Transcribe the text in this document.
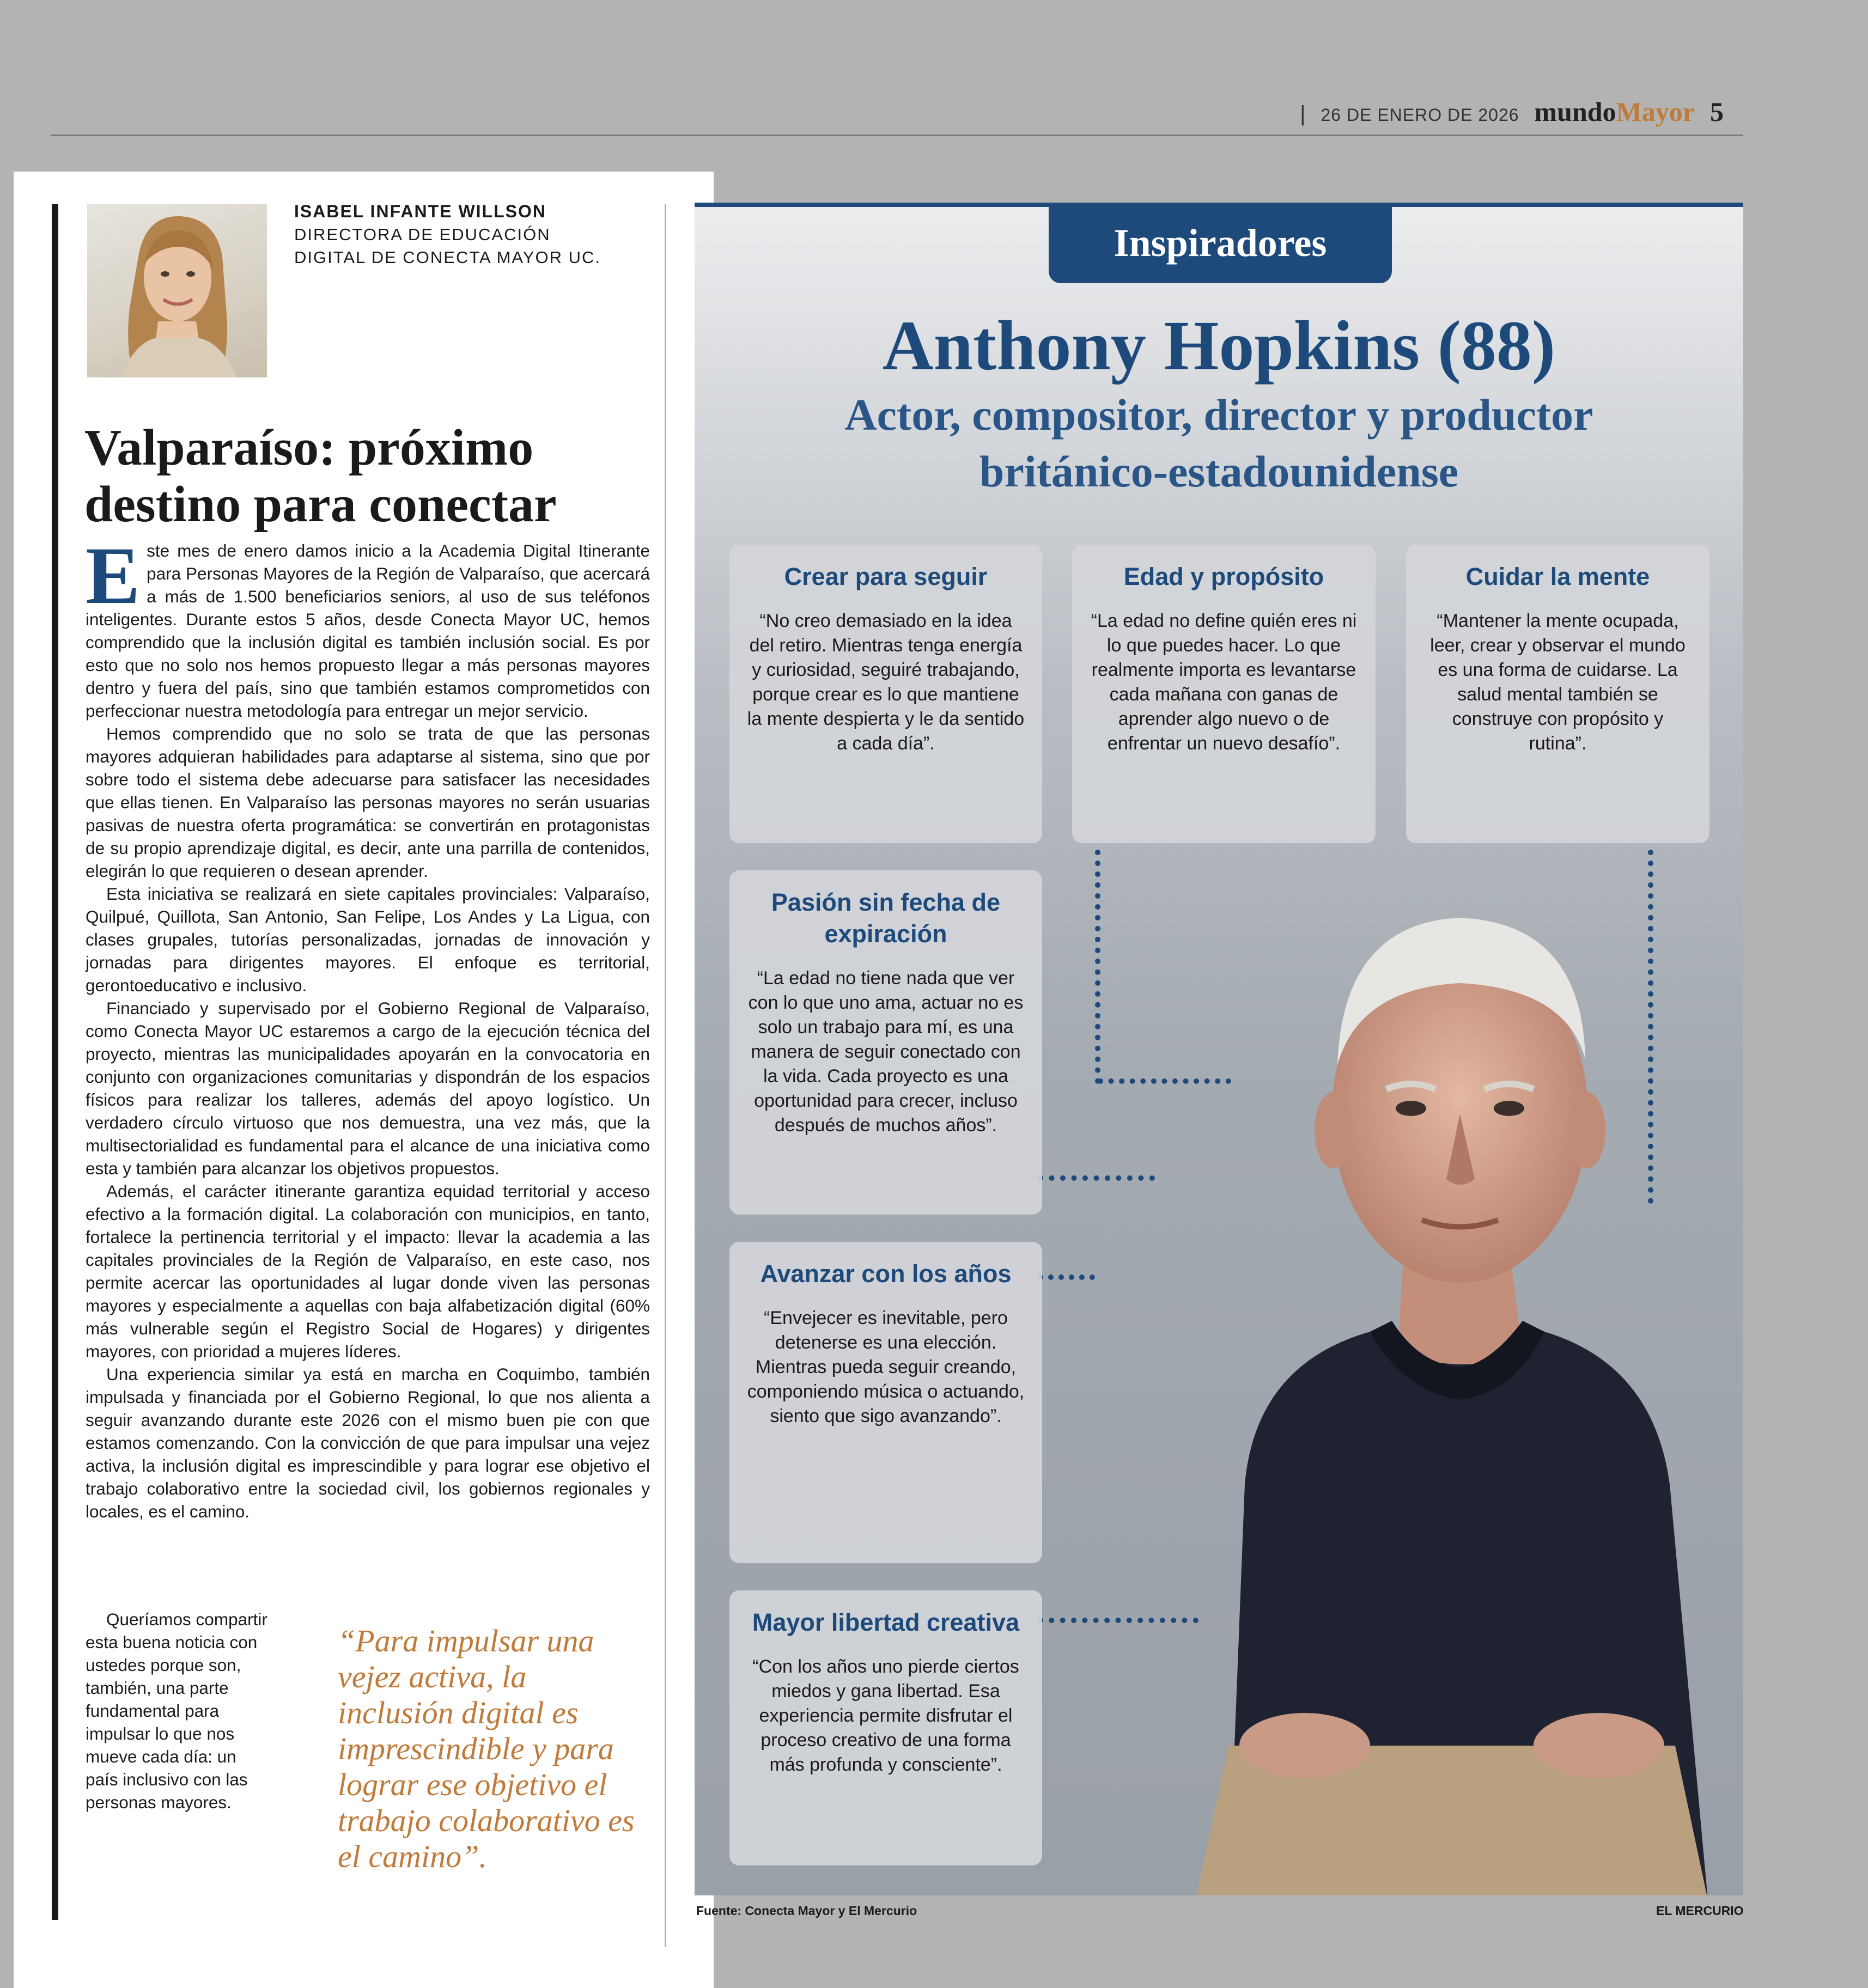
| 26 DE ENERO DE 2026 mundoMayor 5
ISABEL INFANTE WILLSON
DIRECTORA DE EDUCACIÓN DIGITAL DE CONECTA MAYOR UC.
Valparaíso: próximo destino para conectar

Este mes de enero damos inicio a la Academia Digital Itinerante para Personas Mayores de la Región de Valparaíso, que acercará a más de 1.500 beneficiarios seniors, al uso de sus teléfonos inteligentes. Durante estos 5 años, desde Conecta Mayor UC, hemos comprendido que la inclusión digital es también inclusión social. Es por esto que no solo nos hemos propuesto llegar a más personas mayores dentro y fuera del país, sino que también estamos comprometidos con perfeccionar nuestra metodología para entregar un mejor servicio.

Hemos comprendido que no solo se trata de que las personas mayores adquieran habilidades para adaptarse al sistema, sino que por sobre todo el sistema debe adecuarse para satisfacer las necesidades que ellas tienen. En Valparaíso las personas mayores no serán usuarias pasivas de nuestra oferta programática: se convertirán en protagonistas de su propio aprendizaje digital, es decir, ante una parrilla de contenidos, elegirán lo que requieren o desean aprender.

Esta iniciativa se realizará en siete capitales provinciales: Valparaíso, Quilpué, Quillota, San Antonio, San Felipe, Los Andes y La Ligua, con clases grupales, tutorías personalizadas, jornadas de innovación y jornadas para dirigentes mayores. El enfoque es territorial, gerontoeducativo e inclusivo.

Financiado y supervisado por el Gobierno Regional de Valparaíso, como Conecta Mayor UC estaremos a cargo de la ejecución técnica del proyecto, mientras las municipalidades apoyarán en la convocatoria en conjunto con organizaciones comunitarias y dispondrán de los espacios físicos para realizar los talleres, además del apoyo logístico. Un verdadero círculo virtuoso que nos demuestra, una vez más, que la multisectorialidad es fundamental para el alcance de una iniciativa como esta y también para alcanzar los objetivos propuestos.

Además, el carácter itinerante garantiza equidad territorial y acceso efectivo a la formación digital. La colaboración con municipios, en tanto, fortalece la pertinencia territorial y el impacto: llevar la academia a las capitales provinciales de la Región de Valparaíso, en este caso, nos permite acercar las oportunidades al lugar donde viven las personas mayores y especialmente a aquellas con baja alfabetización digital (60% más vulnerable según el Registro Social de Hogares) y dirigentes mayores, con prioridad a mujeres líderes.

Una experiencia similar ya está en marcha en Coquimbo, también impulsada y financiada por el Gobierno Regional, lo que nos alienta a seguir avanzando durante este 2026 con el mismo buen pie con que estamos comenzando. Con la convicción de que para impulsar una vejez activa, la inclusión digital es imprescindible y para lograr ese objetivo el trabajo colaborativo entre la sociedad civil, los gobiernos regionales y locales, es el camino.

Queríamos compartir esta buena noticia con ustedes porque son, también, una parte fundamental para impulsar lo que nos mueve cada día: un país inclusivo con las personas mayores.

“Para impulsar una vejez activa, la inclusión digital es imprescindible y para lograr ese objetivo el trabajo colaborativo es el camino”.
Inspiradores
Anthony Hopkins (88)
Actor, compositor, director y productor británico-estadounidense
Crear para seguir
“No creo demasiado en la idea del retiro. Mientras tenga energía y curiosidad, seguiré trabajando, porque crear es lo que mantiene la mente despierta y le da sentido a cada día”.
Edad y propósito
“La edad no define quién eres ni lo que puedes hacer. Lo que realmente importa es levantarse cada mañana con ganas de aprender algo nuevo o de enfrentar un nuevo desafío”.
Cuidar la mente
“Mantener la mente ocupada, leer, crear y observar el mundo es una forma de cuidarse. La salud mental también se construye con propósito y rutina”.
Pasión sin fecha de expiración
“La edad no tiene nada que ver con lo que uno ama, actuar no es solo un trabajo para mí, es una manera de seguir conectado con la vida. Cada proyecto es una oportunidad para crecer, incluso después de muchos años”.
Avanzar con los años
“Envejecer es inevitable, pero detenerse es una elección. Mientras pueda seguir creando, componiendo música o actuando, siento que sigo avanzando”.
Mayor libertad creativa
“Con los años uno pierde ciertos miedos y gana libertad. Esa experiencia permite disfrutar el proceso creativo de una forma más profunda y consciente”.
Fuente: Conecta Mayor y El Mercurio	EL MERCURIO
